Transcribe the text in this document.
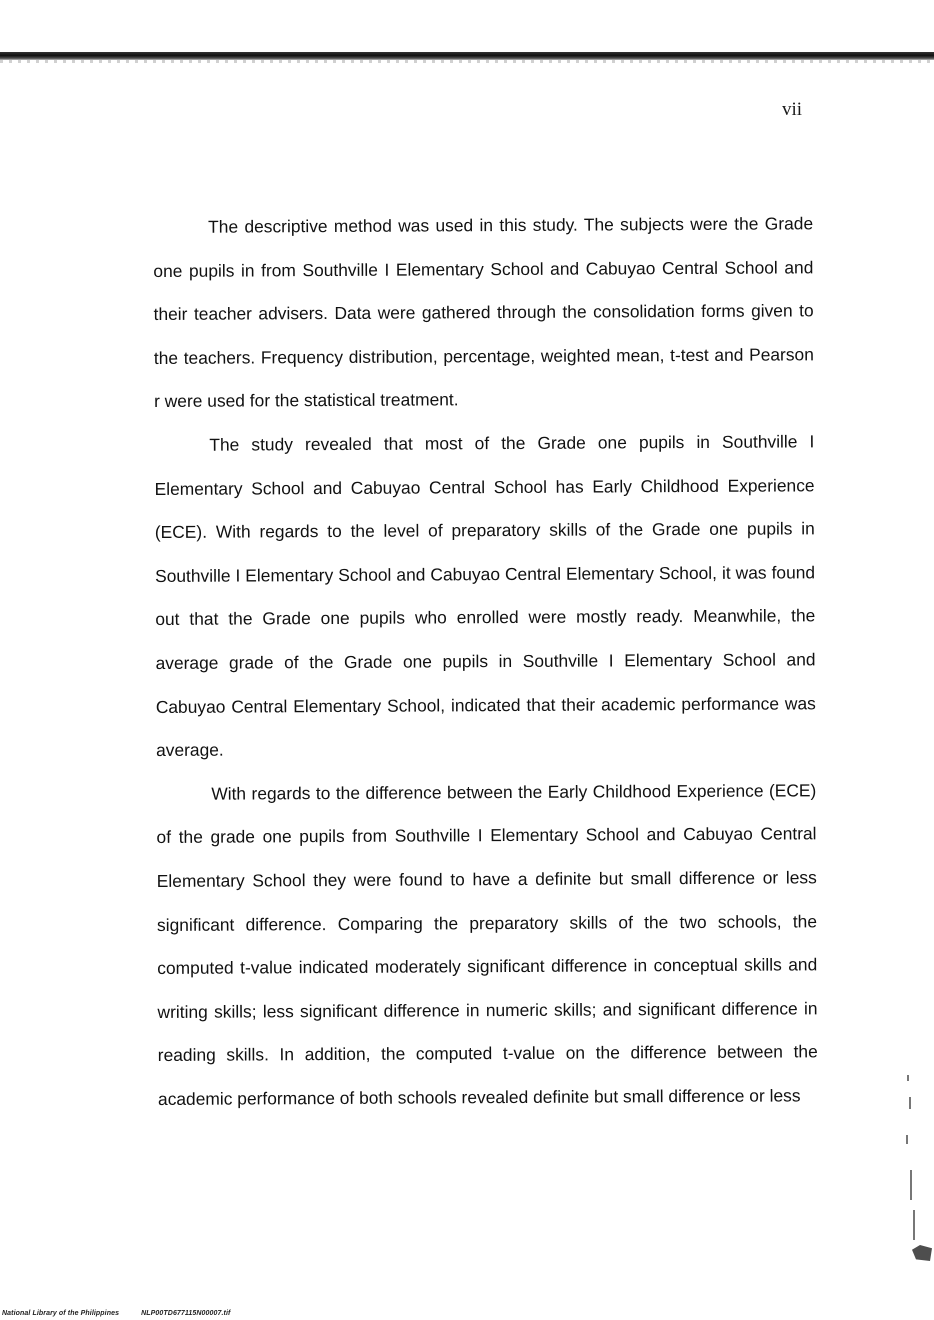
vii

The descriptive method was used in this study. The subjects were the Grade one pupils in from Southville I Elementary School and Cabuyao Central School and their teacher advisers. Data were gathered through the consolidation forms given to the teachers. Frequency distribution, percentage, weighted mean, t-test and Pearson r were used for the statistical treatment.

The study revealed that most of the Grade one pupils in Southville I Elementary School and Cabuyao Central School has Early Childhood Experience (ECE). With regards to the level of preparatory skills of the Grade one pupils in Southville I Elementary School and Cabuyao Central Elementary School, it was found out that the Grade one pupils who enrolled were mostly ready. Meanwhile, the average grade of the Grade one pupils in Southville I Elementary School and Cabuyao Central Elementary School, indicated that their academic performance was average.

With regards to the difference between the Early Childhood Experience (ECE) of the grade one pupils from Southville I Elementary School and Cabuyao Central Elementary School they were found to have a definite but small difference or less significant difference. Comparing the preparatory skills of the two schools, the computed t-value indicated moderately significant difference in conceptual skills and writing skills; less significant difference in numeric skills; and significant difference in reading skills. In addition, the computed t-value on the difference between the academic performance of both schools revealed definite but small difference or less

National Library of the Philippines	NLP00TD677115N00007.tif
